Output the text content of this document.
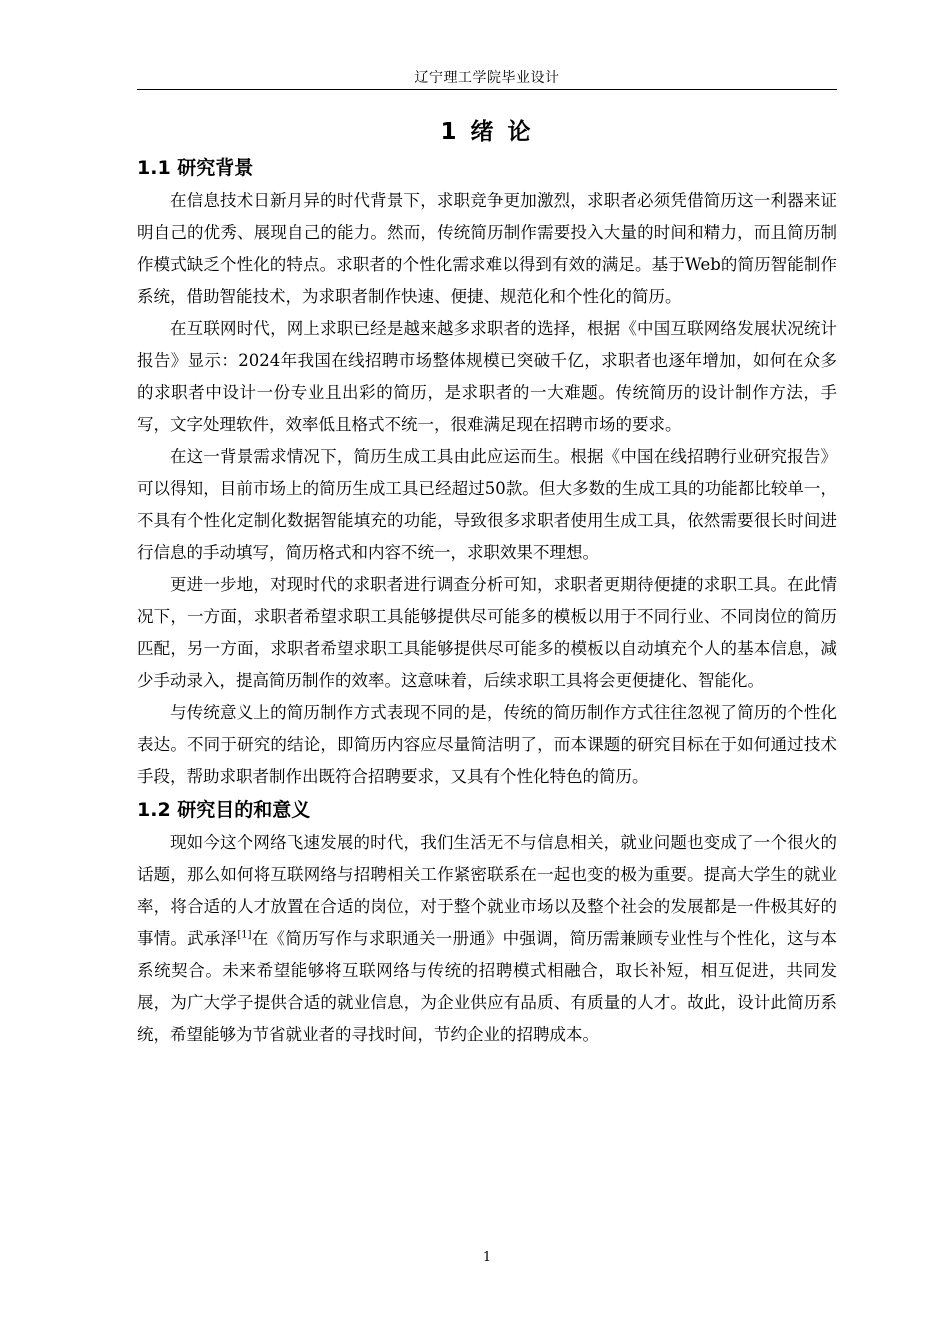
辽宁理工学院毕业设计
1 绪 论
1.1 研究背景

在信息技术日新月异的时代背景下，求职竞争更加激烈，求职者必须凭借简历这一利器来证明自己的优秀、展现自己的能力。然而，传统简历制作需要投入大量的时间和精力，而且简历制作模式缺乏个性化的特点。求职者的个性化需求难以得到有效的满足。基于Web的简历智能制作系统，借助智能技术，为求职者制作快速、便捷、规范化和个性化的简历。

在互联网时代，网上求职已经是越来越多求职者的选择，根据《中国互联网络发展状况统计报告》显示：2024年我国在线招聘市场整体规模已突破千亿，求职者也逐年增加，如何在众多的求职者中设计一份专业且出彩的简历，是求职者的一大难题。传统简历的设计制作方法，手写，文字处理软件，效率低且格式不统一，很难满足现在招聘市场的要求。

在这一背景需求情况下，简历生成工具由此应运而生。根据《中国在线招聘行业研究报告》可以得知，目前市场上的简历生成工具已经超过50款。但大多数的生成工具的功能都比较单一，不具有个性化定制化数据智能填充的功能，导致很多求职者使用生成工具，依然需要很长时间进行信息的手动填写，简历格式和内容不统一，求职效果不理想。

更进一步地，对现时代的求职者进行调查分析可知，求职者更期待便捷的求职工具。在此情况下，一方面，求职者希望求职工具能够提供尽可能多的模板以用于不同行业、不同岗位的简历匹配，另一方面，求职者希望求职工具能够提供尽可能多的模板以自动填充个人的基本信息，减少手动录入，提高简历制作的效率。这意味着，后续求职工具将会更便捷化、智能化。

与传统意义上的简历制作方式表现不同的是，传统的简历制作方式往往忽视了简历的个性化表达。不同于研究的结论，即简历内容应尽量简洁明了，而本课题的研究目标在于如何通过技术手段，帮助求职者制作出既符合招聘要求，又具有个性化特色的简历。

1.2 研究目的和意义

现如今这个网络飞速发展的时代，我们生活无不与信息相关，就业问题也变成了一个很火的话题，那么如何将互联网络与招聘相关工作紧密联系在一起也变的极为重要。提高大学生的就业率，将合适的人才放置在合适的岗位，对于整个就业市场以及整个社会的发展都是一件极其好的事情。武承泽[1]在《简历写作与求职通关一册通》中强调，简历需兼顾专业性与个性化，这与本系统契合。未来希望能够将互联网络与传统的招聘模式相融合，取长补短，相互促进，共同发展，为广大学子提供合适的就业信息，为企业供应有品质、有质量的人才。故此，设计此简历系统，希望能够为节省就业者的寻找时间，节约企业的招聘成本。

1
